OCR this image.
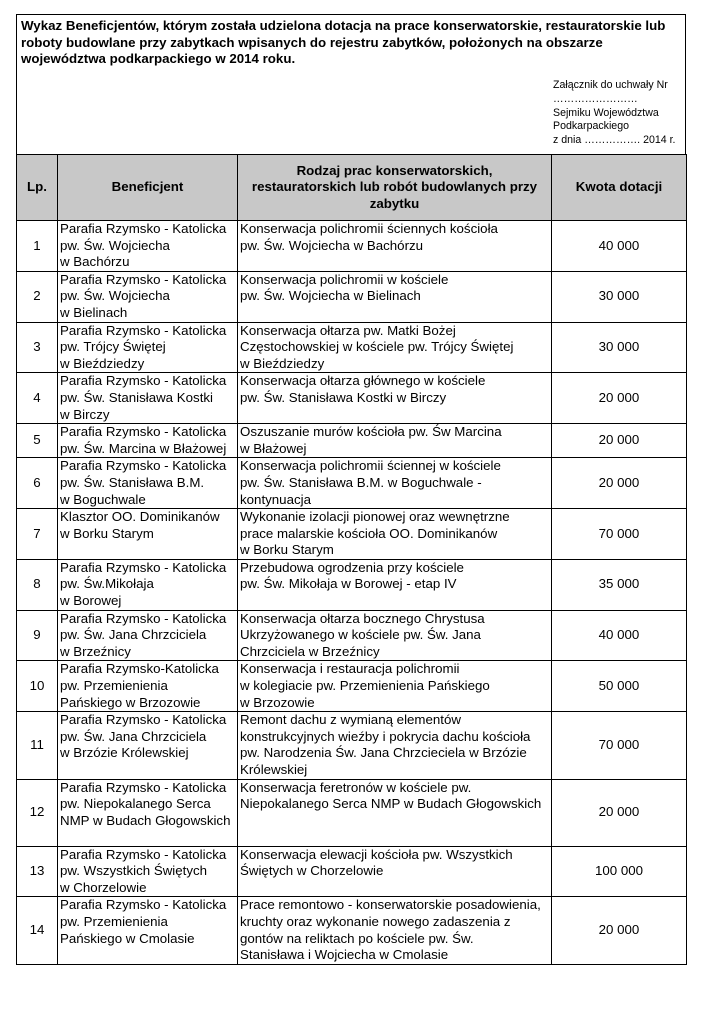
Wykaz Beneficjentów, którym została udzielona dotacja na prace konserwatorskie, restauratorskie lub
roboty budowlane przy zabytkach wpisanych do rejestru zabytków, położonych na obszarze
województwa podkarpackiego w 2014 roku.
Załącznik do uchwały Nr
……………………
Sejmiku Województwa
Podkarpackiego
z dnia ……………. 2014 r.
Lp.	Beneficjent	Rodzaj prac konserwatorskich,
restauratorskich lub robót budowlanych przy
zabytku	Kwota dotacji
1	Parafia Rzymsko - Katolicka
pw. Św. Wojciecha
w Bachórzu	Konserwacja polichromii ściennych kościoła
pw. Św. Wojciecha w Bachórzu	40 000
2	Parafia Rzymsko - Katolicka
pw. Św. Wojciecha
w Bielinach	Konserwacja polichromii w kościele
pw. Św. Wojciecha w Bielinach	30 000
3	Parafia Rzymsko - Katolicka
pw. Trójcy Świętej
w Bieździedzy	Konserwacja ołtarza pw. Matki Bożej
Częstochowskiej w kościele pw. Trójcy Świętej
w Bieździedzy	30 000
4	Parafia Rzymsko - Katolicka
pw. Św. Stanisława Kostki
w Birczy	Konserwacja ołtarza głównego w kościele
pw. Św. Stanisława Kostki w Birczy	20 000
5	Parafia Rzymsko - Katolicka
pw. Św. Marcina w Błażowej	Oszuszanie murów kościoła pw. Św Marcina
w Błażowej	20 000
6	Parafia Rzymsko - Katolicka
pw. Św. Stanisława B.M.
w Boguchwale	Konserwacja polichromii ściennej w kościele
pw. Św. Stanisława B.M. w Boguchwale -
kontynuacja	20 000
7	Klasztor OO. Dominikanów
w Borku Starym	Wykonanie izolacji pionowej oraz wewnętrzne
prace malarskie kościoła OO. Dominikanów
w Borku Starym	70 000
8	Parafia Rzymsko - Katolicka
pw. Św.Mikołaja
w Borowej	Przebudowa ogrodzenia przy kościele
pw. Św. Mikołaja w Borowej - etap IV	35 000
9	Parafia Rzymsko - Katolicka
pw. Św. Jana Chrzciciela
w Brzeźnicy	Konserwacja ołtarza bocznego Chrystusa
Ukrzyżowanego w kościele pw. Św. Jana
Chrzciciela w Brzeźnicy	40 000
10	Parafia Rzymsko-Katolicka
pw. Przemienienia
Pańskiego w Brzozowie	Konserwacja i restauracja polichromii
w kolegiacie pw. Przemienienia Pańskiego
w Brzozowie	50 000
11	Parafia Rzymsko - Katolicka
pw. Św. Jana Chrzciciela
w Brzózie Królewskiej	Remont dachu z wymianą elementów
konstrukcyjnych wieźby i pokrycia dachu kościoła
pw. Narodzenia Św. Jana Chrzcieciela w Brzózie
Królewskiej	70 000
12	Parafia Rzymsko - Katolicka
pw. Niepokalanego Serca
NMP w Budach Głogowskich	Konserwacja feretronów w kościele pw.
Niepokalanego Serca NMP w Budach Głogowskich	20 000
13	Parafia Rzymsko - Katolicka
pw. Wszystkich Świętych
w Chorzelowie	Konserwacja elewacji kościoła pw. Wszystkich
Świętych w Chorzelowie	100 000
14	Parafia Rzymsko - Katolicka
pw. Przemienienia
Pańskiego w Cmolasie	Prace remontowo - konserwatorskie posadowienia,
kruchty oraz wykonanie nowego zadaszenia z
gontów na reliktach po kościele pw. Św.
Stanisława i Wojciecha w Cmolasie	20 000
